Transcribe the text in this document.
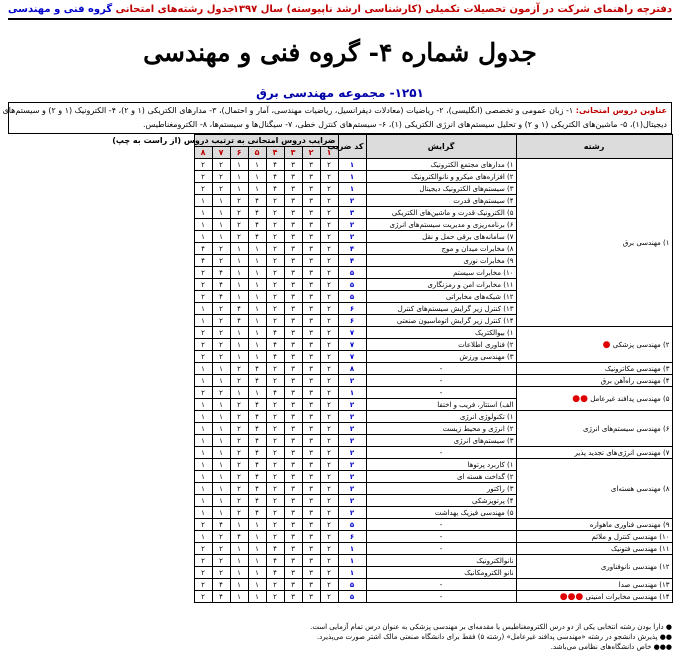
دفترچه راهنمای شرکت در آزمون تحصیلات تکمیلی (کارشناسی ارشد ناپیوسته) سال ۱۳۹۷
جدول رشته‌های امتحانی گروه فنی و مهندسی
جدول شماره ۴- گروه فنی و مهندسی
۱۲۵۱- مجموعه مهندسی برق
عناوین دروس امتحانی: ۱- زبان عمومی و تخصصی (انگلیسی)، ۲- ریاضیات (معادلات دیفرانسیل، ریاضیات مهندسی، آمار و احتمال)، ۳- مدارهای الکتریکی (۱ و ۲)، ۴- الکترونیک (۱ و ۲) و سیستم‌های
دیجیتال(۱)، ۵- ماشین‌های الکتریکی (۱ و ۲) و تحلیل سیستم‌های انرژی الکتریکی (۱)، ۶- سیستم‌های کنترل خطی، ۷- سیگنال‌ها و سیستم‌ها، ۸- الکترومغناطیس.
رشته	گرایش	کد ضریب	ضرایب دروس امتحانی به ترتیب دروس (از راست به چپ)								
			۱	۲	۳	۴	۵	۶	۷	۸	
۱) مهندسی برق	۱) مدارهای مجتمع الکترونیک	۱	۲	۳	۳	۴	۱	۱	۲	۲	
	۲) افزاره‌های میکرو و نانوالکترونیک	۱	۲	۳	۳	۴	۱	۱	۲	۲	
	۳) سیستم‌های الکترونیک دیجیتال	۱	۲	۳	۳	۴	۱	۱	۲	۲	
	۴) سیستم‌های قدرت	۲	۲	۳	۳	۲	۴	۲	۱	۱	
	۵) الکترونیک قدرت و ماشین‌های الکتریکی	۳	۲	۳	۳	۲	۴	۲	۱	۱	
	۶) برنامه‌ریزی و مدیریت سیستم‌های انرژی	۲	۲	۳	۳	۲	۴	۲	۱	۱	
	۷) سامانه‌های برقی حمل و نقل	۲	۲	۳	۳	۲	۴	۲	۱	۱	
	۸) مخابرات میدان و موج	۴	۲	۳	۳	۲	۱	۱	۲	۴	
	۹) مخابرات نوری	۴	۲	۳	۳	۲	۱	۱	۲	۴	
	۱۰) مخابرات سیستم	۵	۲	۳	۳	۲	۱	۱	۴	۲	
	۱۱) مخابرات امن و رمزنگاری	۵	۲	۳	۳	۲	۱	۱	۴	۲	
	۱۲) شبکه‌های مخابراتی	۵	۲	۳	۳	۲	۱	۱	۴	۲	
	۱۳) کنترل زیر گرایش سیستم‌های کنترل	۶	۲	۳	۳	۲	۱	۴	۲	۱	
	۱۴) کنترل زیر گرایش اتوماسیون صنعتی	۶	۲	۳	۳	۲	۱	۴	۲	۱	
۲) مهندسی پزشکی ●	۱) بیوالکتریک	۷	۲	۳	۳	۴	۱	۱	۲	۲	
	۲) فناوری اطلاعات	۷	۲	۳	۳	۴	۱	۱	۲	۲	
	۳) مهندسی ورزش	۷	۲	۳	۳	۴	۱	۱	۲	۲	
۳) مهندسی مکاترونیک	-	۸	۲	۳	۳	۲	۴	۲	۱	۱	
۴) مهندسی راه‌آهن برق	-	۲	۲	۳	۳	۲	۴	۲	۱	۱	
۵) مهندسی پدافند غیرعامل ●●	-	۱	۲	۳	۳	۴	۱	۱	۲	۲	
	الف) استتار، فریب و اختفا	۲	۲	۳	۳	۲	۴	۲	۱	۱	
۶) مهندسی سیستم‌های انرژی	۱) تکنولوژی انرژی	۲	۲	۳	۳	۲	۴	۲	۱	۱	
	۲) انرژی و محیط زیست	۲	۲	۳	۳	۲	۴	۲	۱	۱	
	۳) سیستم‌های انرژی	۲	۲	۳	۳	۲	۴	۲	۱	۱	
۷) مهندسی انرژی‌های تجدید پذیر	-	۲	۲	۳	۳	۲	۴	۲	۱	۱	
۸) مهندسی هسته‌ای	۱) کاربرد پرتوها	۲	۲	۳	۳	۲	۴	۲	۱	۱	
	۲) گداخت هسته ای	۲	۲	۳	۳	۲	۴	۲	۱	۱	
	۳) راکتور	۲	۲	۳	۳	۲	۴	۲	۱	۱	
	۴) پرتوپزشکی	۲	۲	۳	۳	۲	۴	۲	۱	۱	
	۵) مهندسی فیزیک بهداشت	۲	۲	۳	۳	۲	۴	۲	۱	۱	
۹) مهندسی فناوری ماهواره	-	۵	۲	۳	۳	۲	۱	۱	۴	۲	
۱۰) مهندسی کنترل و ملائم	-	۶	۲	۳	۳	۲	۱	۴	۲	۱	
۱۱) مهندسی فتونیک	-	۱	۲	۳	۳	۴	۱	۱	۲	۲	
۱۲) مهندسی نانوفناوری	نانوالکترونیک	۱	۲	۳	۳	۴	۱	۱	۲	۲	
	نانو الکترومکانیک	۱	۲	۳	۳	۴	۱	۱	۲	۲	
۱۳) مهندسی صدا	-	۵	۲	۳	۳	۲	۱	۱	۴	۲	
۱۴) مهندسی مخابرات امنیتی ●●●	-	۵	۲	۳	۳	۲	۱	۱	۴	۲	
● دارا بودن رشته انتخابی یکی از دو درس الکترومغناطیس یا مقدمه‌ای بر مهندسی پزشکی به عنوان درس تمام آزمایی است.
●● پذیرش دانشجو در رشته «مهندسی پدافند غیرعامل» (رشته ۵) فقط برای دانشگاه صنعتی مالک اشتر صورت می‌پذیرد.
●●● خاص دانشگاه‌های نظامی می‌باشد.
